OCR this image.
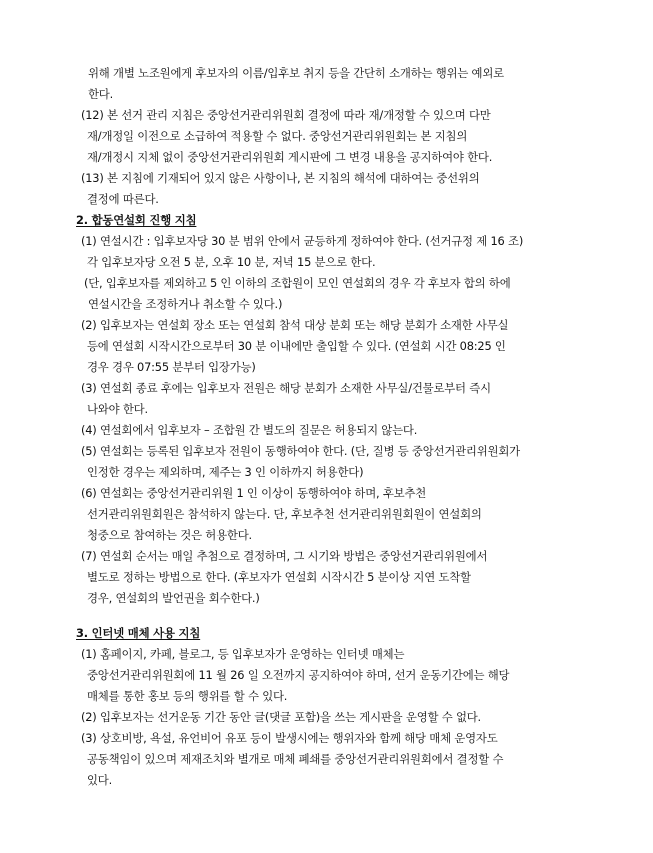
위해 개별 노조원에게 후보자의 이름/입후보 취지 등을 간단히 소개하는 행위는 예외로
한다.
(12) 본 선거 관리 지침은 중앙선거관리위원회 결정에 따라 재/개정할 수 있으며 다만
재/개정일 이전으로 소급하여 적용할 수 없다. 중앙선거관리위원회는 본 지침의
재/개정시 지체 없이 중앙선거관리위원회 게시판에 그 변경 내용을 공지하여야 한다.
(13) 본 지침에 기재되어 있지 않은 사항이나, 본 지침의 해석에 대하여는 중선위의
결정에 따른다.
2. 합동연설회 진행 지침
(1) 연설시간 : 입후보자당 30 분 범위 안에서 균등하게 정하여야 한다. (선거규정 제 16 조)
각 입후보자당 오전 5 분, 오후 10 분, 저녁 15 분으로 한다.
(단, 입후보자를 제외하고 5 인 이하의 조합원이 모인 연설회의 경우 각 후보자 합의 하에
연설시간을 조정하거나 취소할 수 있다.)
(2) 입후보자는 연설회 장소 또는 연설회 참석 대상 분회 또는 해당 분회가 소재한 사무실
등에 연설회 시작시간으로부터 30 분 이내에만 출입할 수 있다. (연설회 시간 08:25 인
경우 경우 07:55 분부터 입장가능)
(3) 연설회 종료 후에는 입후보자 전원은 해당 분회가 소재한 사무실/건물로부터 즉시
나와야 한다.
(4) 연설회에서 입후보자 – 조합원 간 별도의 질문은 허용되지 않는다.
(5) 연설회는 등록된 입후보자 전원이 동행하여야 한다. (단, 질병 등 중앙선거관리위원회가
인정한 경우는 제외하며, 제주는 3 인 이하까지 허용한다)
(6) 연설회는 중앙선거관리위원 1 인 이상이 동행하여야 하며, 후보추천
선거관리위원회원은 참석하지 않는다. 단, 후보추천 선거관리위원회원이 연설회의
청중으로 참여하는 것은 허용한다.
(7) 연설회 순서는 매일 추첨으로 결정하며, 그 시기와 방법은 중앙선거관리위원에서
별도로 정하는 방법으로 한다. (후보자가 연설회 시작시간 5 분이상 지연 도착할
경우, 연설회의 발언권을 회수한다.)
3. 인터넷 매체 사용 지침
(1) 홈페이지, 카페, 블로그, 등 입후보자가 운영하는 인터넷 매체는
중앙선거관리위원회에 11 월 26 일 오전까지 공지하여야 하며, 선거 운동기간에는 해당
매체를 통한 홍보 등의 행위를 할 수 있다.
(2) 입후보자는 선거운동 기간 동안 글(댓글 포함)을 쓰는 게시판을 운영할 수 없다.
(3) 상호비방, 욕설, 유언비어 유포 등이 발생시에는 행위자와 함께 해당 매체 운영자도
공동책임이 있으며 제재조치와 별개로 매체 폐쇄를 중앙선거관리위원회에서 결정할 수
있다.
